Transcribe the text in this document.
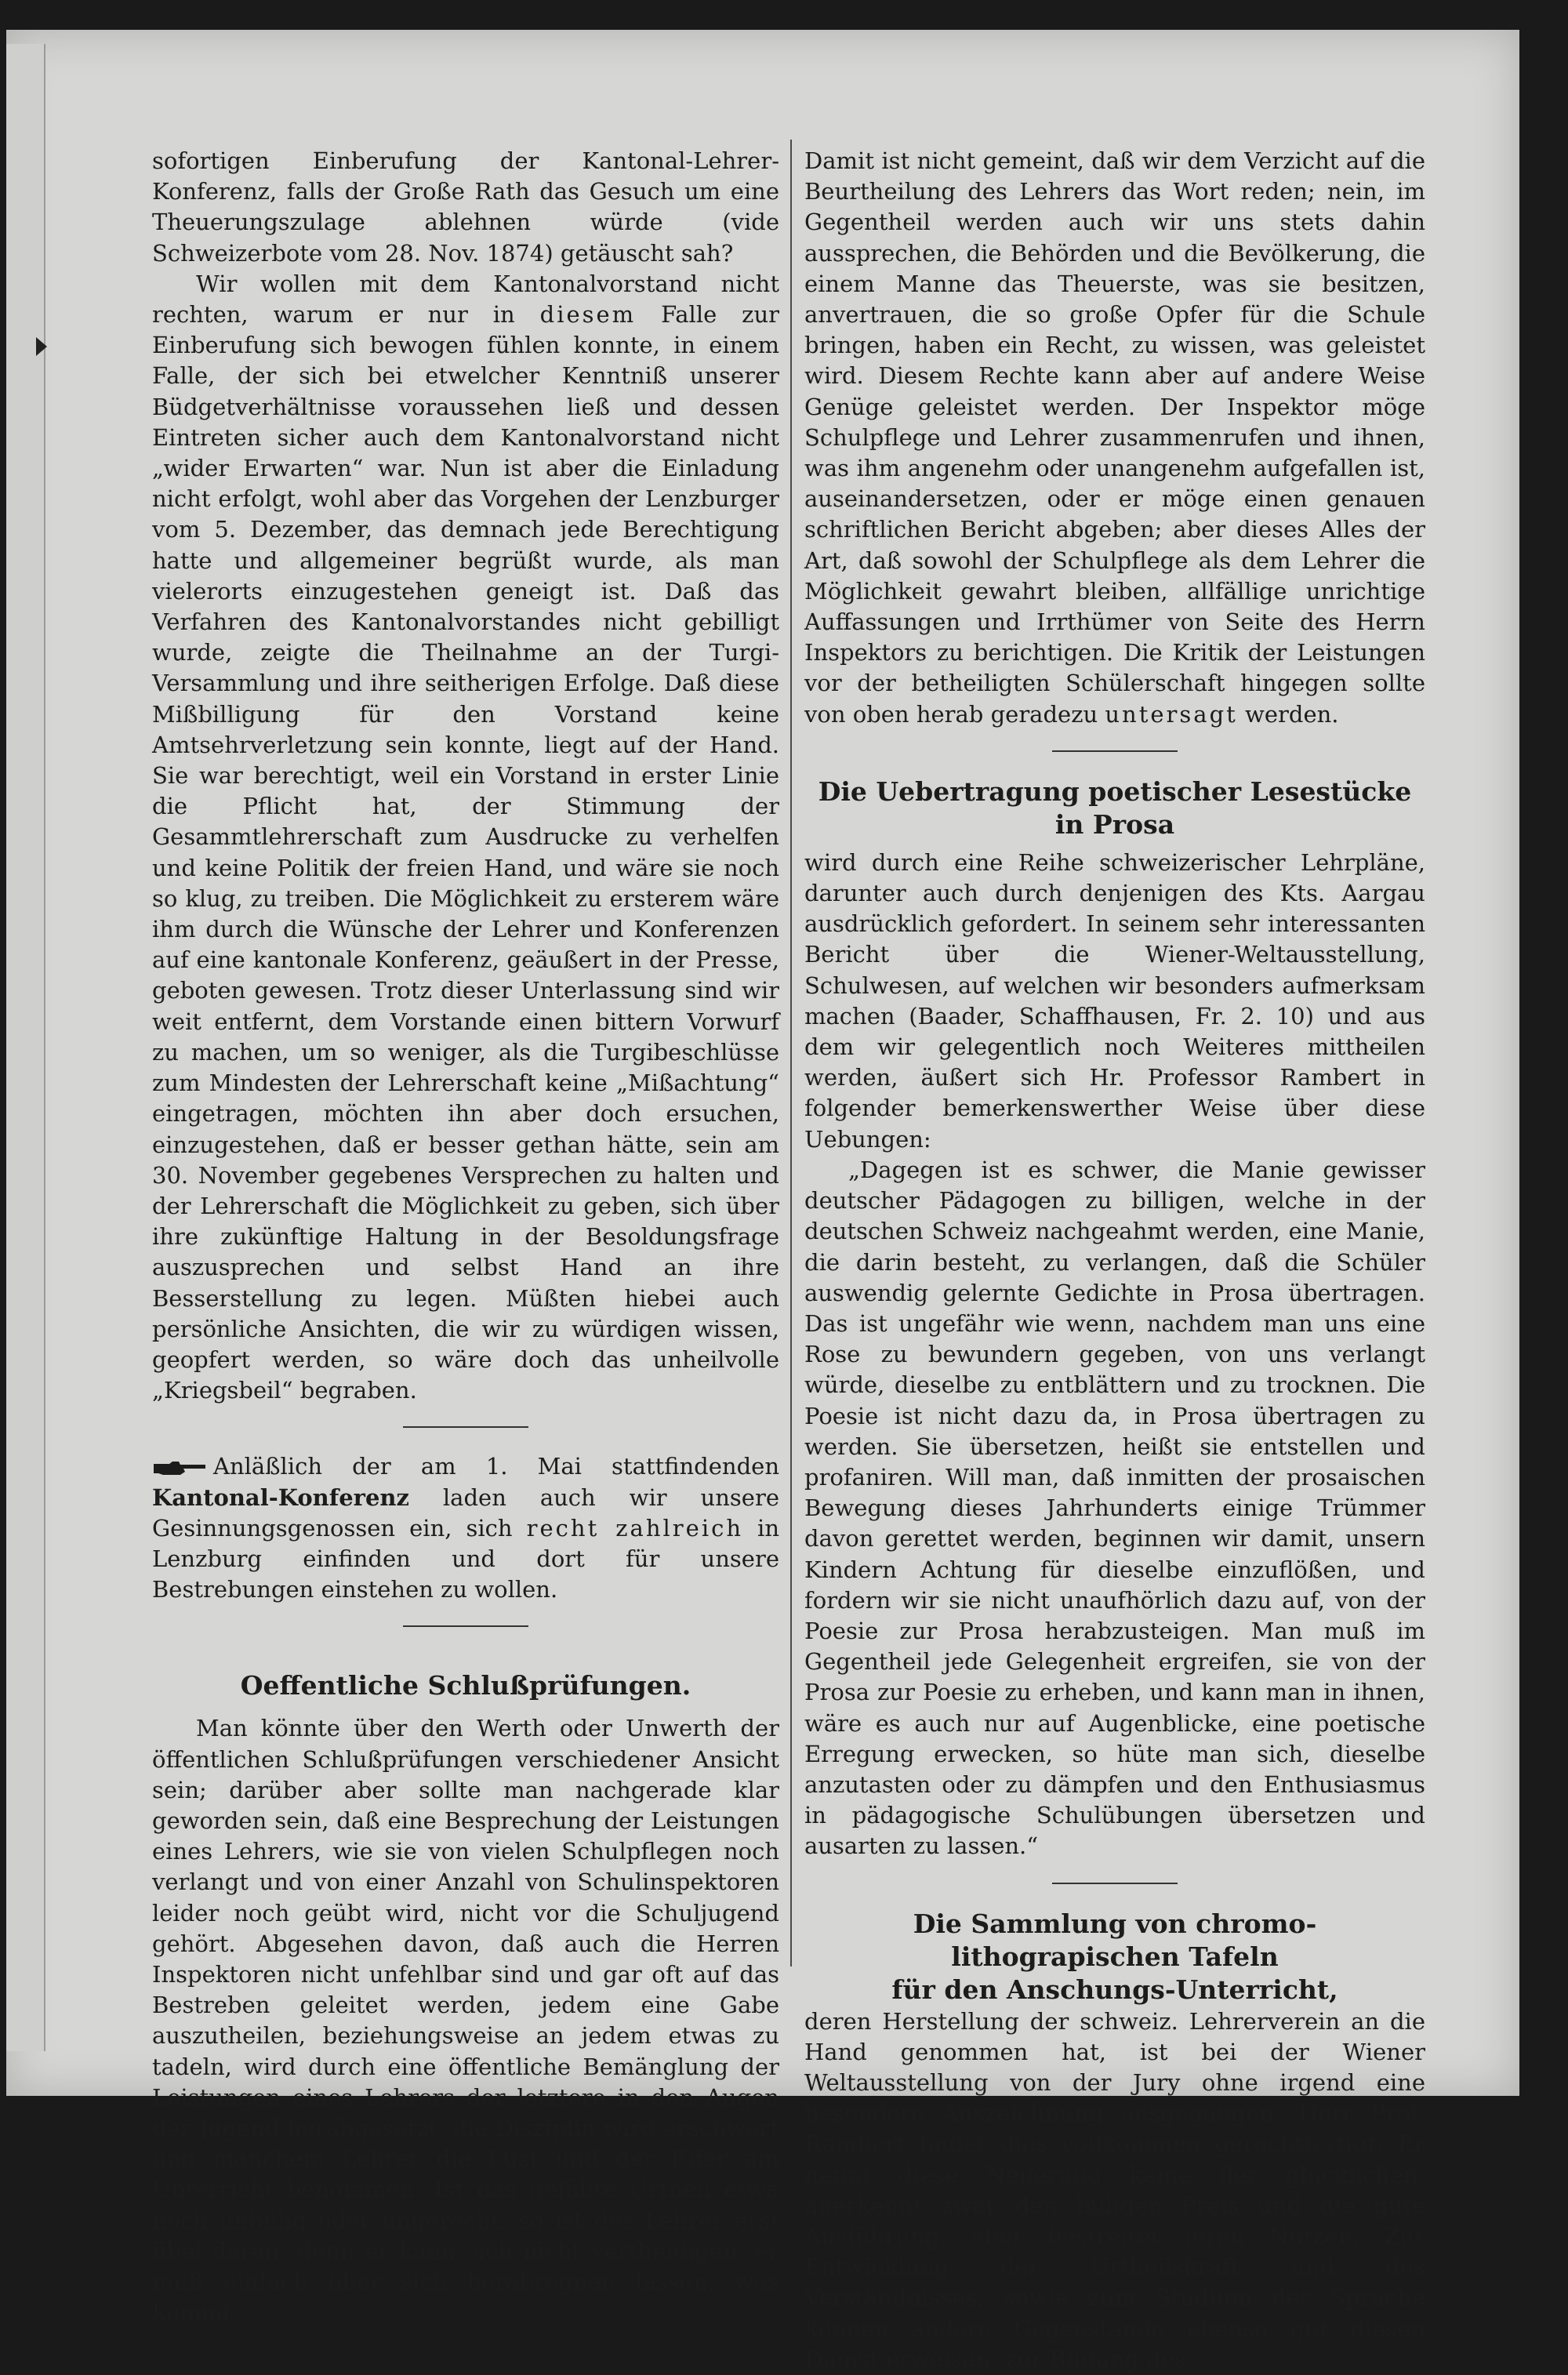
sofortigen Einberufung der Kantonal-Lehrer-Konferenz, falls der Große Rath das Gesuch um eine Theuerungszulage ablehnen würde (vide Schweizerbote vom 28. Nov. 1874) getäuscht sah?

Wir wollen mit dem Kantonalvorstand nicht rechten, warum er nur in diesem Falle zur Einberufung sich bewogen fühlen konnte, in einem Falle, der sich bei etwelcher Kenntniß unserer Büdgetverhältnisse voraussehen ließ und dessen Eintreten sicher auch dem Kantonalvorstand nicht „wider Erwarten“ war. Nun ist aber die Einladung nicht erfolgt, wohl aber das Vorgehen der Lenzburger vom 5. Dezember, das demnach jede Berechtigung hatte und allgemeiner begrüßt wurde, als man vielerorts einzugestehen geneigt ist. Daß das Verfahren des Kantonalvorstandes nicht gebilligt wurde, zeigte die Theilnahme an der Turgi-Versammlung und ihre seitherigen Erfolge. Daß diese Mißbilligung für den Vorstand keine Amtsehrverletzung sein konnte, liegt auf der Hand. Sie war berechtigt, weil ein Vorstand in erster Linie die Pflicht hat, der Stimmung der Gesammtlehrerschaft zum Ausdrucke zu verhelfen und keine Politik der freien Hand, und wäre sie noch so klug, zu treiben. Die Möglichkeit zu ersterem wäre ihm durch die Wünsche der Lehrer und Konferenzen auf eine kantonale Konferenz, geäußert in der Presse, geboten gewesen. Trotz dieser Unterlassung sind wir weit entfernt, dem Vorstande einen bittern Vorwurf zu machen, um so weniger, als die Turgibeschlüsse zum Mindesten der Lehrerschaft keine „Mißachtung“ eingetragen, möchten ihn aber doch ersuchen, einzugestehen, daß er besser gethan hätte, sein am 30. November gegebenes Versprechen zu halten und der Lehrerschaft die Möglichkeit zu geben, sich über ihre zukünftige Haltung in der Besoldungsfrage auszusprechen und selbst Hand an ihre Besserstellung zu legen. Müßten hiebei auch persönliche Ansichten, die wir zu würdigen wissen, geopfert werden, so wäre doch das unheilvolle „Kriegsbeil“ begraben.

Anläßlich der am 1. Mai stattfindenden Kantonal-Konferenz laden auch wir unsere Gesinnungsgenossen ein, sich recht zahlreich in Lenzburg einfinden und dort für unsere Bestrebungen einstehen zu wollen.

Oeffentliche Schlußprüfungen.

Man könnte über den Werth oder Unwerth der öffentlichen Schlußprüfungen verschiedener Ansicht sein; darüber aber sollte man nachgerade klar geworden sein, daß eine Besprechung der Leistungen eines Lehrers, wie sie von vielen Schulpflegen noch verlangt und von einer Anzahl von Schulinspektoren leider noch geübt wird, nicht vor die Schuljugend gehört. Abgesehen davon, daß auch die Herren Inspektoren nicht unfehlbar sind und gar oft auf das Bestreben geleitet werden, jedem eine Gabe auszutheilen, beziehungsweise an jedem etwas zu tadeln, wird durch eine öffentliche Bemänglung der Leistungen eines Lehrers der letztere in den Augen der Jugend herabgesetzt; die Disziplin wird erschwert und manchem Lehrer die Lust und der Eifer am Unterricht benommen. Ist das gefällte Urtheil etwa noch unbillig oder ungerecht, so ist der Lehrer erst übel daran; denn er kann sich nicht vertheidigen, er muß einfach über sich herabregnen lassen, was kommt.

Damit ist nicht gemeint, daß wir dem Verzicht auf die Beurtheilung des Lehrers das Wort reden; nein, im Gegentheil werden auch wir uns stets dahin aussprechen, die Behörden und die Bevölkerung, die einem Manne das Theuerste, was sie besitzen, anvertrauen, die so große Opfer für die Schule bringen, haben ein Recht, zu wissen, was geleistet wird. Diesem Rechte kann aber auf andere Weise Genüge geleistet werden. Der Inspektor möge Schulpflege und Lehrer zusammenrufen und ihnen, was ihm angenehm oder unangenehm aufgefallen ist, auseinandersetzen, oder er möge einen genauen schriftlichen Bericht abgeben; aber dieses Alles der Art, daß sowohl der Schulpflege als dem Lehrer die Möglichkeit gewahrt bleiben, allfällige unrichtige Auffassungen und Irrthümer von Seite des Herrn Inspektors zu berichtigen. Die Kritik der Leistungen vor der betheiligten Schülerschaft hingegen sollte von oben herab geradezu untersagt werden.

Die Uebertragung poetischer Lesestücke in Prosa

wird durch eine Reihe schweizerischer Lehrpläne, darunter auch durch denjenigen des Kts. Aargau ausdrücklich gefordert. In seinem sehr interessanten Bericht über die Wiener-Weltausstellung, Schulwesen, auf welchen wir besonders aufmerksam machen (Baader, Schaffhausen, Fr. 2. 10) und aus dem wir gelegentlich noch Weiteres mittheilen werden, äußert sich Hr. Professor Rambert in folgender bemerkenswerther Weise über diese Uebungen:

„Dagegen ist es schwer, die Manie gewisser deutscher Pädagogen zu billigen, welche in der deutschen Schweiz nachgeahmt werden, eine Manie, die darin besteht, zu verlangen, daß die Schüler auswendig gelernte Gedichte in Prosa übertragen. Das ist ungefähr wie wenn, nachdem man uns eine Rose zu bewundern gegeben, von uns verlangt würde, dieselbe zu entblättern und zu trocknen. Die Poesie ist nicht dazu da, in Prosa übertragen zu werden. Sie übersetzen, heißt sie entstellen und profaniren. Will man, daß inmitten der prosaischen Bewegung dieses Jahrhunderts einige Trümmer davon gerettet werden, beginnen wir damit, unsern Kindern Achtung für dieselbe einzuflößen, und fordern wir sie nicht unaufhörlich dazu auf, von der Poesie zur Prosa herabzusteigen. Man muß im Gegentheil jede Gelegenheit ergreifen, sie von der Prosa zur Poesie zu erheben, und kann man in ihnen, wäre es auch nur auf Augenblicke, eine poetische Erregung erwecken, so hüte man sich, dieselbe anzutasten oder zu dämpfen und den Enthusiasmus in pädagogische Schulübungen übersetzen und ausarten zu lassen.“

Die Sammlung von chromo-lithograpischen Tafeln
für den Anschungs-Unterricht,

deren Herstellung der schweiz. Lehrerverein an die Hand genommen hat, ist bei der Wiener Weltausstellung von der Jury ohne irgend eine besondere Auszeichnung ausgegangen. Herr Prof. Rambert findet dies vollkommen gerechtfertigt. Er nennt diese Neuerung keine der glücklichen, anerkennt zwar den billigen Preis und die gute Ausführung, aber bestreitet ihren Nutzen. Zur Entwicklung der Urtheilskraft und des Verständnisses, sowie zum Studium der Sprache können andere Gegenstände ebenso gut diesen Dienst erweisen, zur Bildung des
